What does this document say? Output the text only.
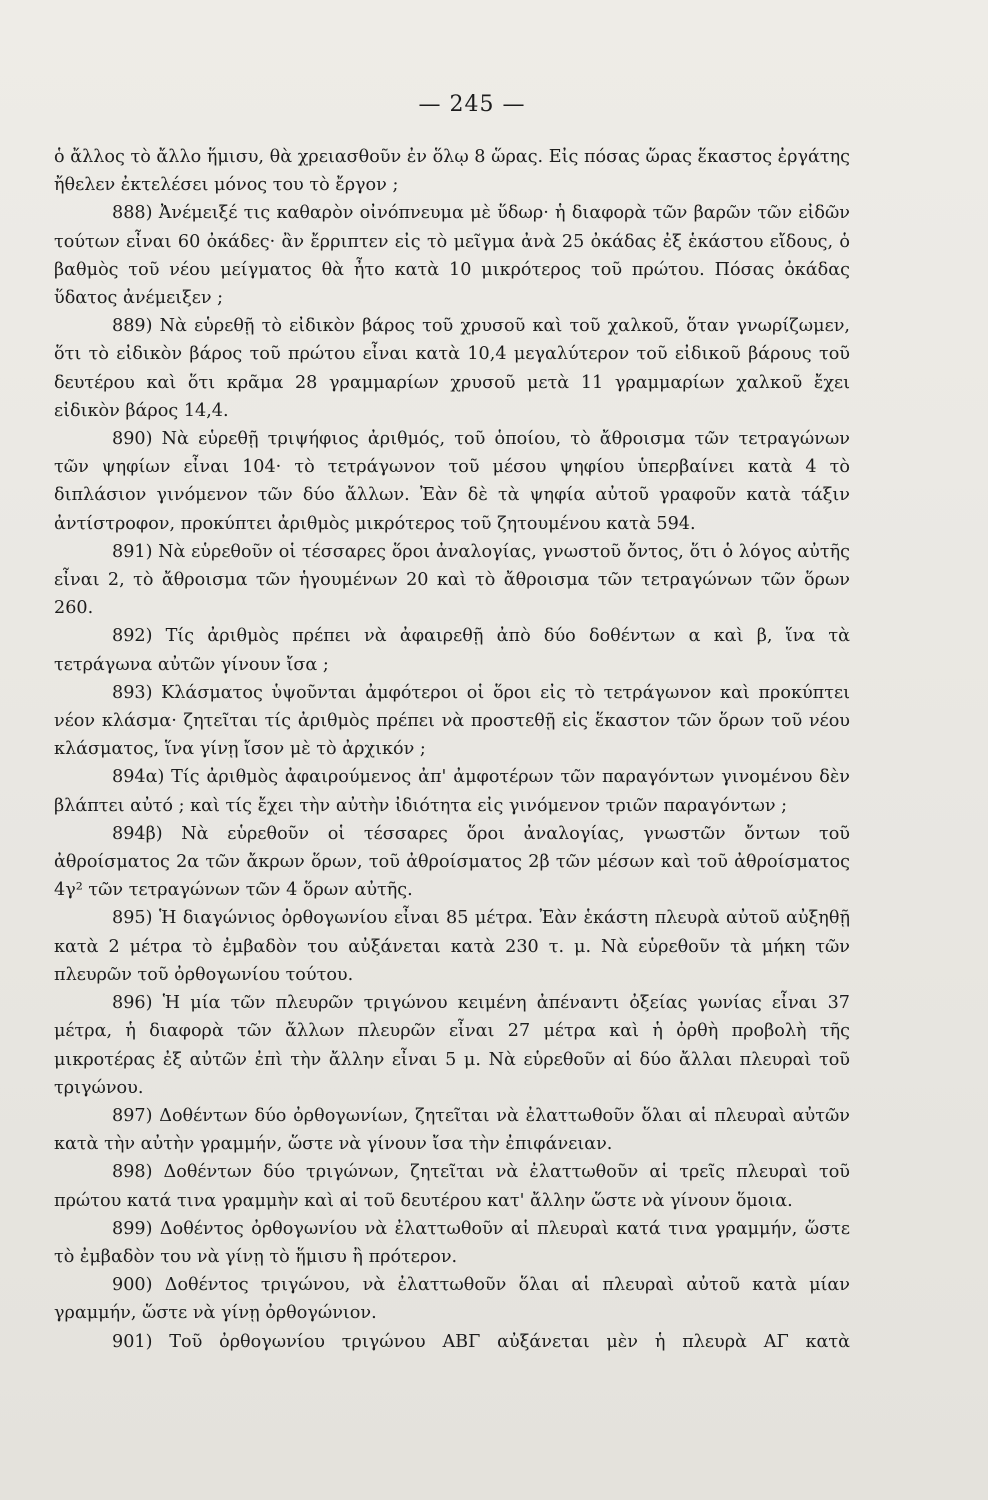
— 245 —

ὁ ἄλλος τὸ ἄλλο ἥμισυ, θὰ χρειασθοῦν ἐν ὅλῳ 8 ὥρας. Εἰς πόσας ὥρας ἕκαστος ἐργάτης ἤθελεν ἐκτελέσει μόνος του τὸ ἔργον ;

888) Ἀνέμειξέ τις καθαρὸν οἰνόπνευμα μὲ ὕδωρ· ἡ διαφορὰ τῶν βαρῶν τῶν εἰδῶν τούτων εἶναι 60 ὀκάδες· ἂν ἔρριπτεν εἰς τὸ μεῖγμα ἀνὰ 25 ὀκάδας ἐξ ἑκάστου εἴδους, ὁ βαθμὸς τοῦ νέου μείγματος θὰ ἦτο κατὰ 10 μικρότερος τοῦ πρώτου. Πόσας ὀκάδας ὕδατος ἀνέμειξεν ;

889) Νὰ εὑρεθῇ τὸ εἰδικὸν βάρος τοῦ χρυσοῦ καὶ τοῦ χαλκοῦ, ὅταν γνωρίζωμεν, ὅτι τὸ εἰδικὸν βάρος τοῦ πρώτου εἶναι κατὰ 10,4 μεγαλύτερον τοῦ εἰδικοῦ βάρους τοῦ δευτέρου καὶ ὅτι κρᾶμα 28 γραμμαρίων χρυσοῦ μετὰ 11 γραμμαρίων χαλκοῦ ἔχει εἰδικὸν βάρος 14,4.

890) Νὰ εὑρεθῇ τριψήφιος ἀριθμός, τοῦ ὁποίου, τὸ ἄθροισμα τῶν τετραγώνων τῶν ψηφίων εἶναι 104· τὸ τετράγωνον τοῦ μέσου ψηφίου ὑπερβαίνει κατὰ 4 τὸ διπλάσιον γινόμενον τῶν δύο ἄλλων. Ἐὰν δὲ τὰ ψηφία αὐτοῦ γραφοῦν κατὰ τάξιν ἀντίστροφον, προκύπτει ἀριθμὸς μικρότερος τοῦ ζητουμένου κατὰ 594.

891) Νὰ εὑρεθοῦν οἱ τέσσαρες ὅροι ἀναλογίας, γνωστοῦ ὄντος, ὅτι ὁ λόγος αὐτῆς εἶναι 2, τὸ ἄθροισμα τῶν ἡγουμένων 20 καὶ τὸ ἄθροισμα τῶν τετραγώνων τῶν ὅρων 260.

892) Τίς ἀριθμὸς πρέπει νὰ ἀφαιρεθῇ ἀπὸ δύο δοθέντων α καὶ β, ἵνα τὰ τετράγωνα αὐτῶν γίνουν ἴσα ;

893) Κλάσματος ὑψοῦνται ἀμφότεροι οἱ ὅροι εἰς τὸ τετράγωνον καὶ προκύπτει νέον κλάσμα· ζητεῖται τίς ἀριθμὸς πρέπει νὰ προστεθῇ εἰς ἕκαστον τῶν ὅρων τοῦ νέου κλάσματος, ἵνα γίνῃ ἴσον μὲ τὸ ἀρχικόν ;

894α) Τίς ἀριθμὸς ἀφαιρούμενος ἀπ' ἀμφοτέρων τῶν παραγόντων γινομένου δὲν βλάπτει αὐτό ; καὶ τίς ἔχει τὴν αὐτὴν ἰδιότητα εἰς γινόμενον τριῶν παραγόντων ;

894β) Νὰ εὑρεθοῦν οἱ τέσσαρες ὅροι ἀναλογίας, γνωστῶν ὄντων τοῦ ἀθροίσματος 2α τῶν ἄκρων ὅρων, τοῦ ἀθροίσματος 2β τῶν μέσων καὶ τοῦ ἀθροίσματος 4γ² τῶν τετραγώνων τῶν 4 ὅρων αὐτῆς.

895) Ἡ διαγώνιος ὀρθογωνίου εἶναι 85 μέτρα. Ἐὰν ἑκάστη πλευρὰ αὐτοῦ αὐξηθῇ κατὰ 2 μέτρα τὸ ἐμβαδὸν του αὐξάνεται κατὰ 230 τ. μ. Νὰ εὑρεθοῦν τὰ μήκη τῶν πλευρῶν τοῦ ὀρθογωνίου τούτου.

896) Ἡ μία τῶν πλευρῶν τριγώνου κειμένη ἀπέναντι ὀξείας γωνίας εἶναι 37 μέτρα, ἡ διαφορὰ τῶν ἄλλων πλευρῶν εἶναι 27 μέτρα καὶ ἡ ὀρθὴ προβολὴ τῆς μικροτέρας ἐξ αὐτῶν ἐπὶ τὴν ἄλλην εἶναι 5 μ. Νὰ εὑρεθοῦν αἱ δύο ἄλλαι πλευραὶ τοῦ τριγώνου.

897) Δοθέντων δύο ὀρθογωνίων, ζητεῖται νὰ ἐλαττωθοῦν ὅλαι αἱ πλευραὶ αὐτῶν κατὰ τὴν αὐτὴν γραμμήν, ὥστε νὰ γίνουν ἴσα τὴν ἐπιφάνειαν.

898) Δοθέντων δύο τριγώνων, ζητεῖται νὰ ἐλαττωθοῦν αἱ τρεῖς πλευραὶ τοῦ πρώτου κατά τινα γραμμὴν καὶ αἱ τοῦ δευτέρου κατ' ἄλλην ὥστε νὰ γίνουν ὅμοια.

899) Δοθέντος ὀρθογωνίου νὰ ἐλαττωθοῦν αἱ πλευραὶ κατά τινα γραμμήν, ὥστε τὸ ἐμβαδὸν του νὰ γίνῃ τὸ ἥμισυ ἢ πρότερον.

900) Δοθέντος τριγώνου, νὰ ἐλαττωθοῦν ὅλαι αἱ πλευραὶ αὐτοῦ κατὰ μίαν γραμμήν, ὥστε νὰ γίνῃ ὀρθογώνιον.

901) Τοῦ ὀρθογωνίου τριγώνου ΑΒΓ αὐξάνεται μὲν ἡ πλευρὰ ΑΓ κατὰ
